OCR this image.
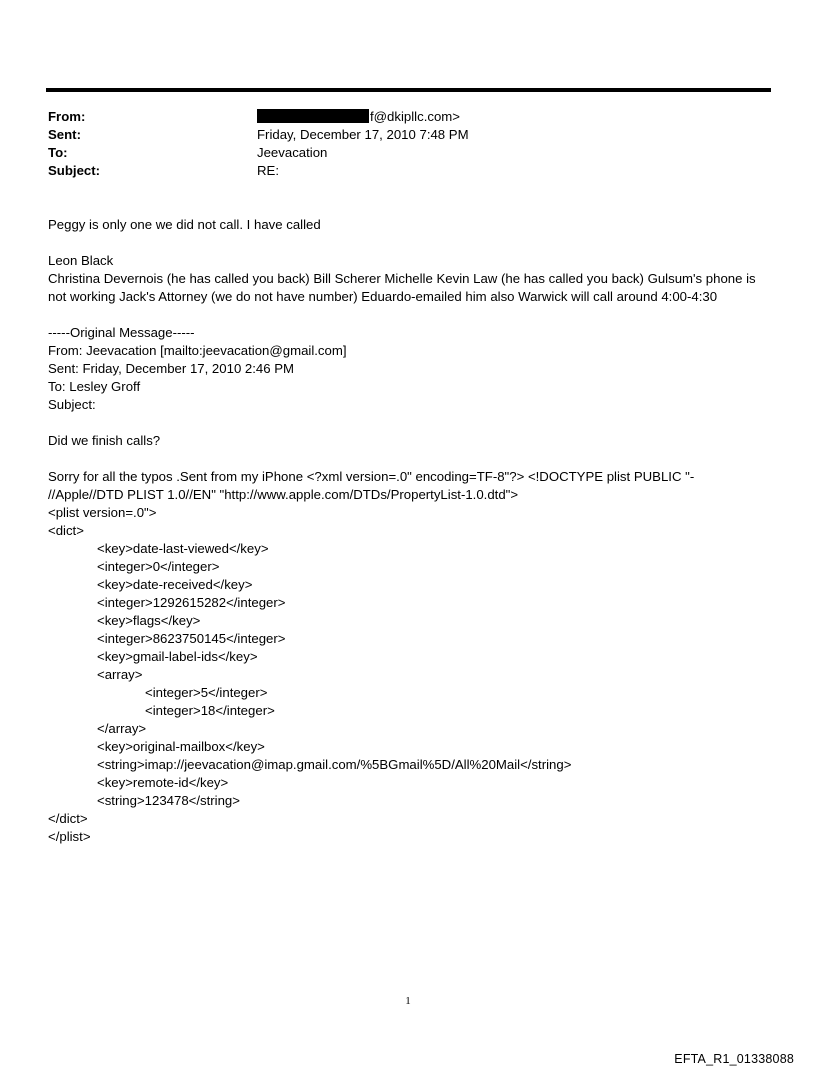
From:	f@dkipllc.com>
Sent:	Friday, December 17, 2010 7:48 PM
To:	Jeevacation
Subject:	RE:
Peggy is only one we did not call. I have called
Leon Black
Christina Devernois (he has called you back) Bill Scherer Michelle Kevin Law (he has called you back) Gulsum's phone is
not working Jack's Attorney (we do not have number) Eduardo-emailed him also Warwick will call around 4:00-4:30
-----Original Message-----
From: Jeevacation [mailto:jeevacation@gmail.com]
Sent: Friday, December 17, 2010 2:46 PM
To: Lesley Groff
Subject:
Did we finish calls?
Sorry for all the typos .Sent from my iPhone <?xml version=.0" encoding=TF-8"?> <!DOCTYPE plist PUBLIC "-
//Apple//DTD PLIST 1.0//EN" "http://www.apple.com/DTDs/PropertyList-1.0.dtd">
<plist version=.0">
<dict>
<key>date-last-viewed</key>
<integer>0</integer>
<key>date-received</key>
<integer>1292615282</integer>
<key>flags</key>
<integer>8623750145</integer>
<key>gmail-label-ids</key>
<array>
<integer>5</integer>
<integer>18</integer>
</array>
<key>original-mailbox</key>
<string>imap://jeevacation@imap.gmail.com/%5BGmail%5D/All%20Mail</string>
<key>remote-id</key>
<string>123478</string>
</dict>
</plist>
1
EFTA_R1_01338088
